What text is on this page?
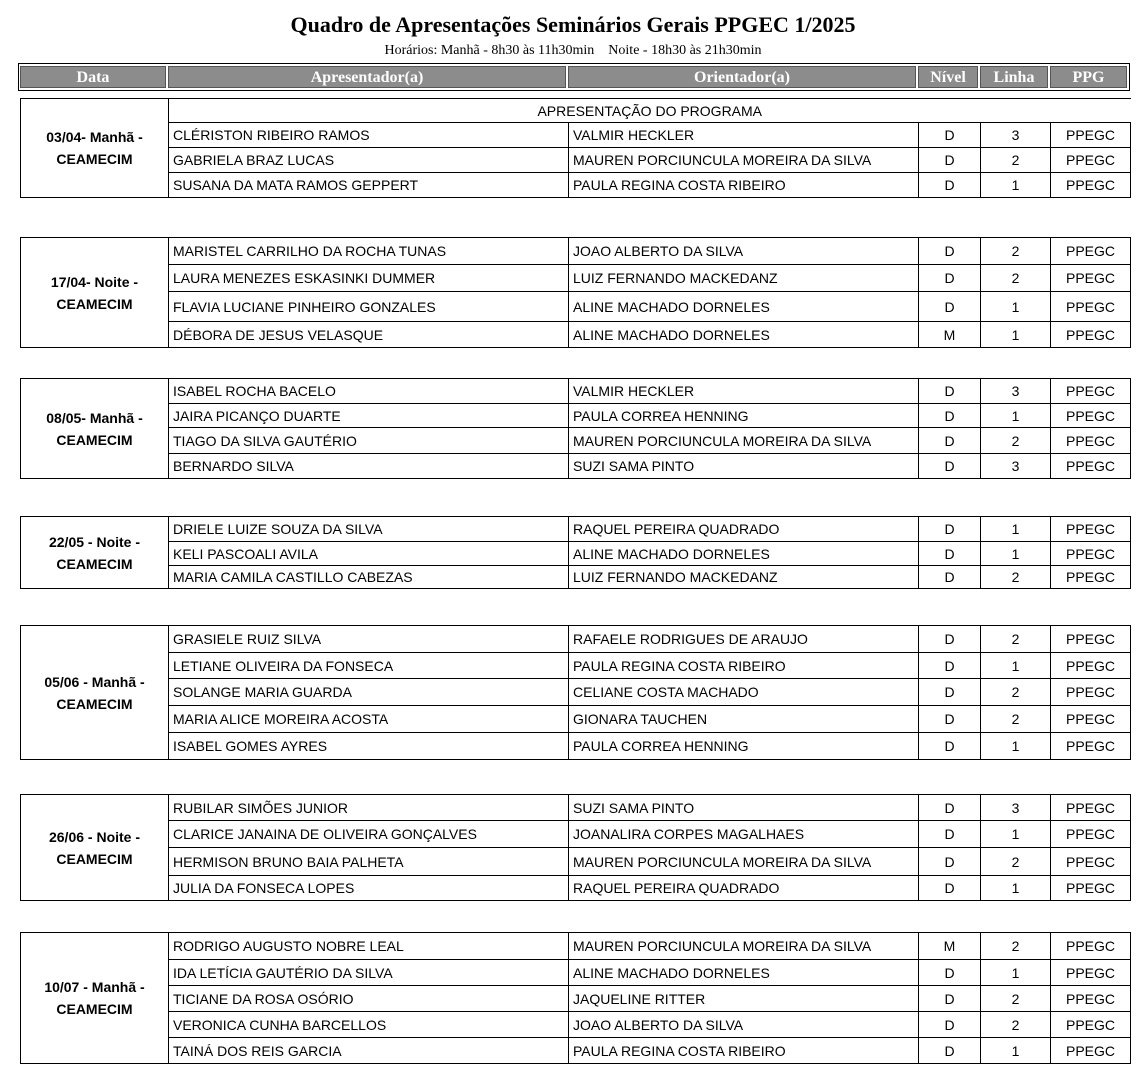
Quadro de Apresentações Seminários Gerais PPGEC 1/2025
Horários: Manhã - 8h30 às 11h30min    Noite - 18h30 às 21h30min
Data	Apresentador(a)	Orientador(a)	Nível	Linha	PPG
03/04- Manhã -
CEAMECIM	APRESENTAÇÃO DO PROGRAMA				
	CLÉRISTON RIBEIRO RAMOS	VALMIR HECKLER	D	3	PPEGC
	GABRIELA BRAZ LUCAS	MAUREN PORCIUNCULA MOREIRA DA SILVA	D	2	PPEGC
	SUSANA DA MATA RAMOS GEPPERT	PAULA REGINA COSTA RIBEIRO	D	1	PPEGC
17/04- Noite -
CEAMECIM	MARISTEL CARRILHO DA ROCHA TUNAS	JOAO ALBERTO DA SILVA	D	2	PPEGC
	LAURA MENEZES ESKASINKI DUMMER	LUIZ FERNANDO MACKEDANZ	D	2	PPEGC
	FLAVIA LUCIANE PINHEIRO GONZALES	ALINE MACHADO DORNELES	D	1	PPEGC
	DÉBORA DE JESUS VELASQUE	ALINE MACHADO DORNELES	M	1	PPEGC
08/05- Manhã -
CEAMECIM	ISABEL ROCHA BACELO	VALMIR HECKLER	D	3	PPEGC
	JAIRA PICANÇO DUARTE	PAULA CORREA HENNING	D	1	PPEGC
	TIAGO DA SILVA GAUTÉRIO	MAUREN PORCIUNCULA MOREIRA DA SILVA	D	2	PPEGC
	BERNARDO SILVA	SUZI SAMA PINTO	D	3	PPEGC
22/05 - Noite -
CEAMECIM	DRIELE LUIZE SOUZA DA SILVA	RAQUEL PEREIRA QUADRADO	D	1	PPEGC
	KELI PASCOALI AVILA	ALINE MACHADO DORNELES	D	1	PPEGC
	MARIA CAMILA CASTILLO CABEZAS	LUIZ FERNANDO MACKEDANZ	D	2	PPEGC
05/06 - Manhã -
CEAMECIM	GRASIELE RUIZ SILVA	RAFAELE RODRIGUES DE ARAUJO	D	2	PPEGC
	LETIANE OLIVEIRA DA FONSECA	PAULA REGINA COSTA RIBEIRO	D	1	PPEGC
	SOLANGE MARIA GUARDA	CELIANE COSTA MACHADO	D	2	PPEGC
	MARIA ALICE MOREIRA ACOSTA	GIONARA TAUCHEN	D	2	PPEGC
	ISABEL GOMES AYRES	PAULA CORREA HENNING	D	1	PPEGC
26/06 - Noite -
CEAMECIM	RUBILAR SIMÕES JUNIOR	SUZI SAMA PINTO	D	3	PPEGC
	CLARICE JANAINA DE OLIVEIRA GONÇALVES	JOANALIRA CORPES MAGALHAES	D	1	PPEGC
	HERMISON BRUNO BAIA PALHETA	MAUREN PORCIUNCULA MOREIRA DA SILVA	D	2	PPEGC
	JULIA DA FONSECA LOPES	RAQUEL PEREIRA QUADRADO	D	1	PPEGC
10/07 - Manhã -
CEAMECIM	RODRIGO AUGUSTO NOBRE LEAL	MAUREN PORCIUNCULA MOREIRA DA SILVA	M	2	PPEGC
	IDA LETÍCIA GAUTÉRIO DA SILVA	ALINE MACHADO DORNELES	D	1	PPEGC
	TICIANE DA ROSA OSÓRIO	JAQUELINE RITTER	D	2	PPEGC
	VERONICA CUNHA BARCELLOS	JOAO ALBERTO DA SILVA	D	2	PPEGC
	TAINÁ DOS REIS GARCIA	PAULA REGINA COSTA RIBEIRO	D	1	PPEGC
